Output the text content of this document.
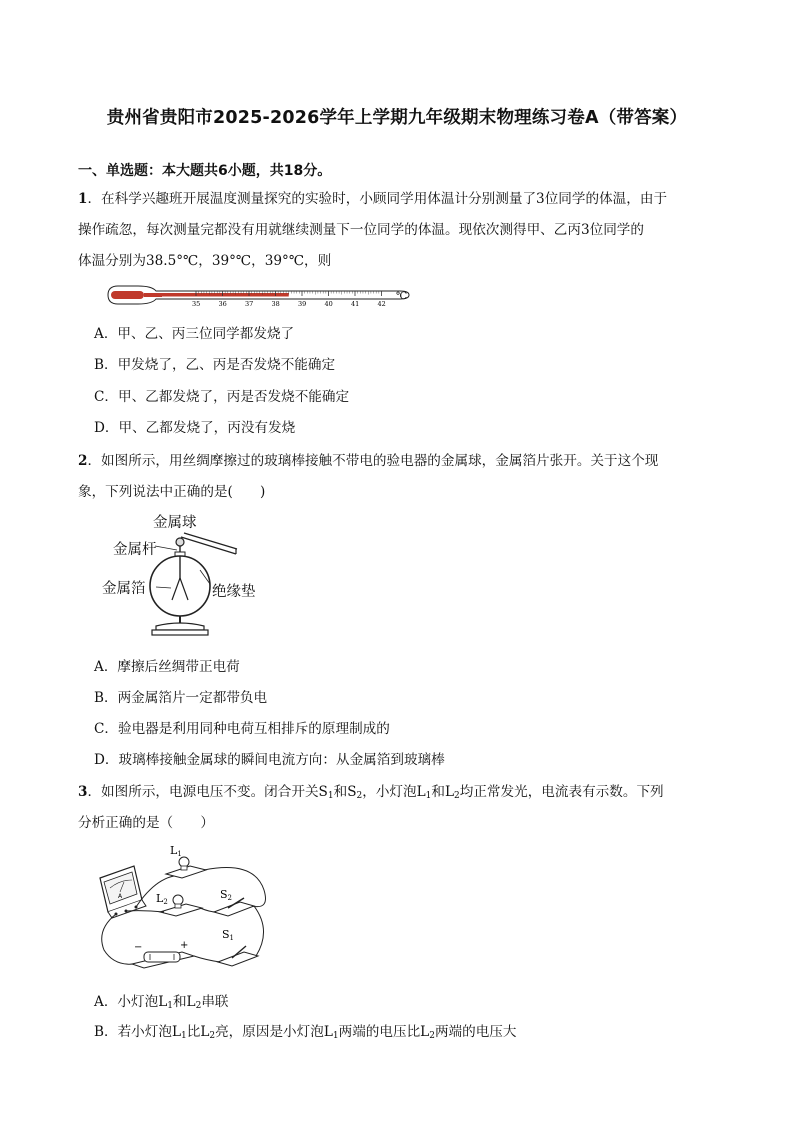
贵州省贵阳市2025-2026学年上学期九年级期末物理练习卷A（带答案）
一、单选题：本大题共6小题，共18分。
1．在科学兴趣班开展温度测量探究的实验时，小顾同学用体温计分别测量了3位同学的体温，由于
操作疏忽，每次测量完都没有用就继续测量下一位同学的体温。现依次测得甲、乙丙3位同学的
体温分别为38.5°℃，39°℃，39°℃，则
35	36	37	38	39	40	41	42
℃
A．甲、乙、丙三位同学都发烧了
B．甲发烧了，乙、丙是否发烧不能确定
C．甲、乙都发烧了，丙是否发烧不能确定
D．甲、乙都发烧了，丙没有发烧
2．如图所示，用丝绸摩擦过的玻璃棒接触不带电的验电器的金属球，金属箔片张开。关于这个现
象，下列说法中正确的是(　　)
金属球
金属杆
金属箔	绝缘垫
A．摩擦后丝绸带正电荷
B．两金属箔片一定都带负电
C．验电器是利用同种电荷互相排斥的原理制成的
D．玻璃棒接触金属球的瞬间电流方向：从金属箔到玻璃棒
3．如图所示，电源电压不变。闭合开关$S_1$和$S_2$，小灯泡$L_1$和$L_2$均正常发光，电流表有示数。下列
分析正确的是（　　）
A
L1
L2
S2
S1
−	+
A．小灯泡$L_1$和$L_2$串联
B．若小灯泡$L_1$比$L_2$亮，原因是小灯泡$L_1$两端的电压比$L_2$两端的电压大
